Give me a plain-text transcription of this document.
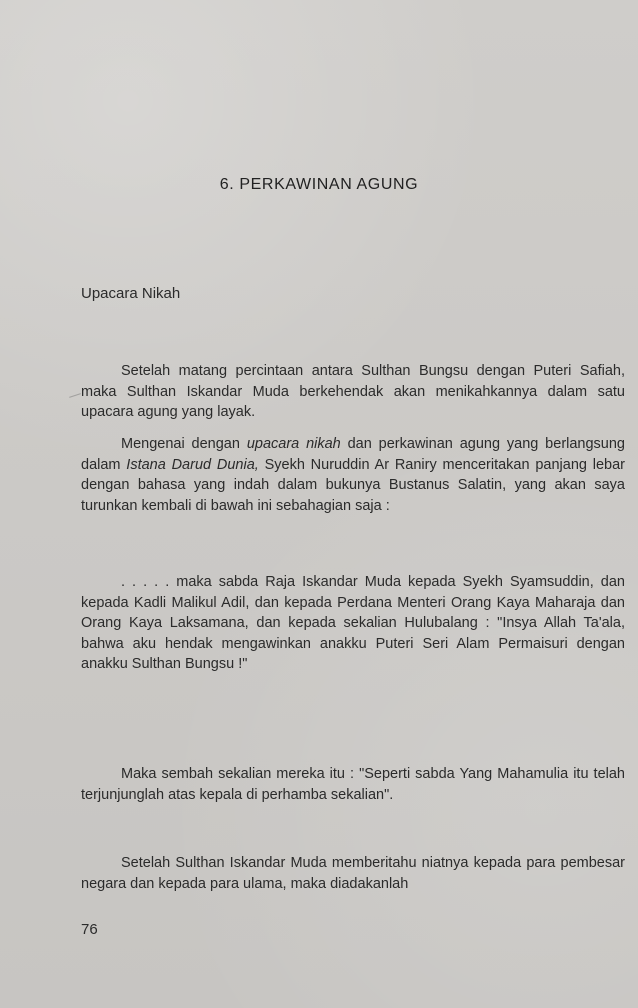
6. PERKAWINAN AGUNG
Upacara Nikah

Setelah matang percintaan antara Sulthan Bungsu dengan Puteri Safiah, maka Sulthan Iskandar Muda berkehendak akan menikahkannya dalam satu upacara agung yang layak.

Mengenai dengan upacara nikah dan perkawinan agung yang berlangsung dalam Istana Darud Dunia, Syekh Nuruddin Ar Raniry menceritakan panjang lebar dengan bahasa yang indah dalam bukunya Bustanus Salatin, yang akan saya turunkan kembali di bawah ini sebahagian saja :

. . . . . maka sabda Raja Iskandar Muda kepada Syekh Syamsuddin, dan kepada Kadli Malikul Adil, dan kepada Perdana Menteri Orang Kaya Maharaja dan Orang Kaya Laksamana, dan kepada sekalian Hulubalang : "Insya Allah Ta'ala, bahwa aku hendak mengawinkan anakku Puteri Seri Alam Permaisuri dengan anakku Sulthan Bungsu !"

Maka sembah sekalian mereka itu : "Seperti sabda Yang Mahamulia itu telah terjunjunglah atas kepala di perhamba sekalian".

Setelah Sulthan Iskandar Muda memberitahu niatnya kepada para pembesar negara dan kepada para ulama, maka diadakanlah

76
